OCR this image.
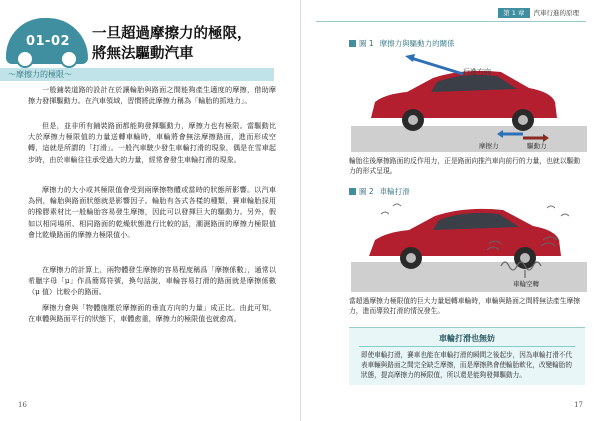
01-02	一旦超過摩擦力的極限，
將無法驅動汽車
～摩擦力的極限～

一般鋪裝道路的設計在於讓輪胎與路面之間能夠產生適度的摩擦，借助摩擦力發揮驅動力。在汽車領域，習慣將此摩擦力稱為「輪胎的抓地力」。

但是，並非所有鋪裝路面都能夠發揮驅動力，摩擦力也有極限。當驅動比大於摩擦力極限值的力量送轉車輪時，車輪將會無法摩擦路面，進而形成空轉，這就是所謂的「打滑」。一般汽車駛少發生車輪打滑的現象，偶是在雪車起步時，由於車輪往往承受過大的力量，經常會發生車輪打滑的現象。

摩擦力的大小或其極限值會受到兩摩擦物體或當時的狀態所影響。以汽車為例，輪胎與路面狀態就是影響因子。輪胎有各式各樣的種類，賽車輪胎採用的橡膠素材比一般輪胎容易發生摩擦，因此可以發揮巨大的驅動力。另外，假如以相同場所、相同路面的乾燥狀態進行比較的話，潮濕路面的摩擦力極限值會比乾燥路面的摩擦力極限值小。

在摩擦力的計算上，兩物體發生摩擦的容易程度稱爲「摩擦係數」，通常以希臘字母「μ」作爲簡寫符號，換句話說，車輪容易打滑的路面就是摩擦係數（μ 值）比較小的路面。

摩擦力會與「物體施壓於摩擦面的垂直方向的力量」成正比。由此可知，在車體與路面平行的狀態下，車體愈重，摩擦力的極限值也就愈高。

16
第 1 章 汽車行進的原理
圖 1 摩擦力與驅動力的關係
行進方向
摩擦力	驅動力

輪胎往後摩擦路面的反作用力，正是路面向推汽車向前行的力量，也就以驅動力的形式呈現。

圖 2 車輪打滑
車輪空轉

當超過摩擦力極限值的巨大力量迴轉車輪時，車輪與路面之間將無法產生摩擦力，進而導致打滑的情況發生。

車輪打滑也無妨

即使車輪打滑，賽車也能在車輪打滑的瞬間之後起步，因為車輪打滑不代表車輛與路面之間完全缺乏摩擦，而是摩擦熱會使輪胎軟化，改變輪胎的狀態，提高摩擦力的極限值，所以還是能夠發揮驅動力。

17
